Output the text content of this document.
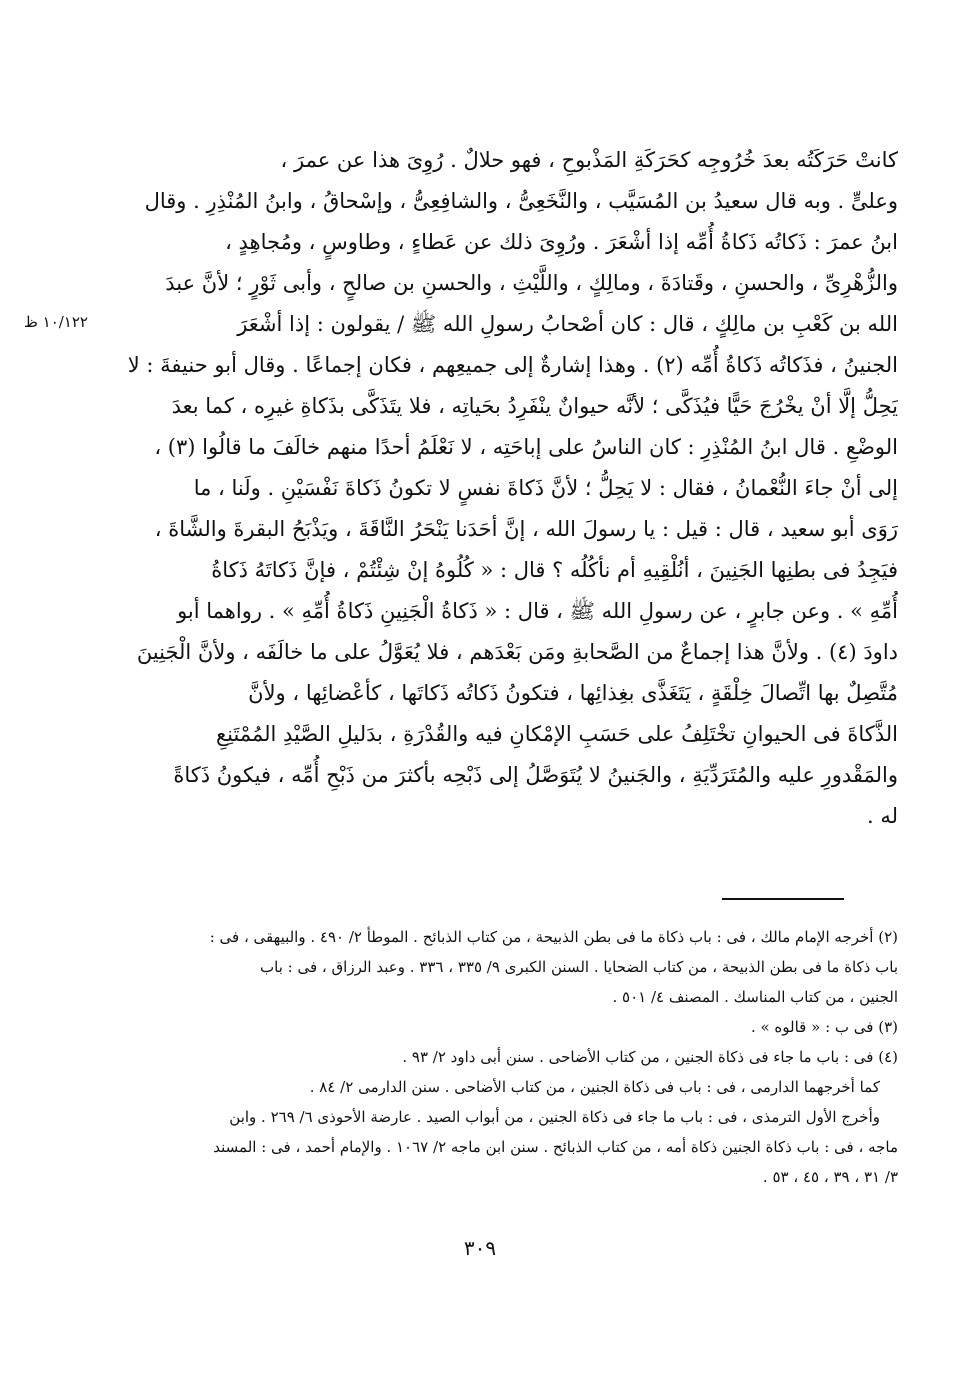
كانتْ حَرَكَتُه بعدَ خُرُوجِه كحَرَكَةِ المَذْبوحِ ، فهو حلالٌ . رُوِىَ هذا عن عمرَ ،
وعلىٍّ . وبه قال سعيدُ بن المُسَيَّب ، والنَّخَعِىُّ ، والشافِعِىُّ ، وإسْحاقُ ، وابنُ المُنْذِرِ . وقال
ابنُ عمرَ : ذَكاتُه ذَكاةُ أُمِّه إذا أشْعَرَ . ورُوِىَ ذلك عن عَطاءٍ ، وطاوسٍ ، ومُجاهِدٍ ،
والزُّهْرِىِّ ، والحسنِ ، وقَتادَةَ ، ومالِكٍ ، واللَّيْثِ ، والحسنِ بن صالحٍ ، وأبى ثَوْرٍ ؛ لأنَّ عبدَ
الله بن كَعْبِ بن مالِكٍ ، قال : كان أصْحابُ رسولِ الله ﷺ / يقولون : إذا أشْعَرَ
الجنينُ ، فذَكاتُه ذَكاةُ أُمِّه (٢) . وهذا إشارةٌ إلى جميعِهم ، فكان إجماعًا . وقال أبو حنيفةَ : لا
يَحِلُّ إلَّا أنْ يخْرُجَ حَيًّا فيُذَكَّى ؛ لأنَّه حيوانٌ ينْفَرِدُ بحَياتِه ، فلا يتَذَكَّى بذَكاةِ غيرِه ، كما بعدَ
الوضْعِ . قال ابنُ المُنْذِرِ : كان الناسُ على إباحَتِه ، لا نَعْلَمُ أحدًا منهم خالَفَ ما قالُوا (٣) ،
إلى أنْ جاءَ النُّعْمانُ ، فقال : لا يَحِلُّ ؛ لأنَّ ذَكاةَ نفسٍ لا تكونُ ذَكاةَ نَفْسَيْنِ . ولَنا ، ما
رَوَى أبو سعيد ، قال : قيل : يا رسولَ الله ، إنَّ أحَدَنا يَنْحَرُ النَّاقَةَ ، ويَذْبَحُ البقرةَ والشَّاةَ ،
فيَجِدُ فى بطنِها الجَنِينَ ، أنُلْقِيهِ أم نأكُلُه ؟ قال : « كُلُوهُ إنْ شِئْتُمْ ، فإنَّ ذَكاتَهُ ذَكاةُ
أُمِّهِ » . وعن جابرٍ ، عن رسولِ الله ﷺ ، قال : « ذَكاةُ الْجَنِينِ ذَكاةُ أُمِّهِ » . رواهما أبو
داودَ (٤) . ولأنَّ هذا إجماعٌ من الصَّحابةِ ومَن بَعْدَهم ، فلا يُعَوَّلُ على ما خالَفَه ، ولأنَّ الْجَنِينَ
مُتَّصِلٌ بها اتِّصالَ خِلْقَةٍ ، يَتَغَذَّى بغِذائِها ، فتكونُ ذَكاتُه ذَكاتَها ، كأعْضائِها ، ولأنَّ
الذَّكاةَ فى الحيوانِ تخْتَلِفُ على حَسَبِ الإمْكانِ فيه والقُدْرَةِ ، بدَليلِ الصَّيْدِ المُمْتَنِعِ
والمَقْدورِ عليه والمُتَرَدِّيَةِ ، والجَنينُ لا يُتَوَصَّلُ إلى ذَبْحِه بأكثرَ من ذَبْحِ أُمِّه ، فيكونُ ذَكاةً
له .
١٠/١٢٢ ظ
(٢) أخرجه الإمام مالك ، فى : باب ذكاة ما فى بطن الذبيحة ، من كتاب الذبائح . الموطأ ٢/ ٤٩٠ . والبيهقى ، فى :
باب ذكاة ما فى بطن الذبيحة ، من كتاب الضحايا . السنن الكبرى ٩/ ٣٣٥ ، ٣٣٦ . وعبد الرزاق ، فى : باب
الجنين ، من كتاب المناسك . المصنف ٤/ ٥٠١ .
(٣) فى ب : « قالوه » .
(٤) فى : باب ما جاء فى ذكاة الجنين ، من كتاب الأضاحى . سنن أبى داود ٢/ ٩٣ .
كما أخرجهما الدارمى ، فى : باب فى ذكاة الجنين ، من كتاب الأضاحى . سنن الدارمى ٢/ ٨٤ .
وأخرج الأول الترمذى ، فى : باب ما جاء فى ذكاة الجنين ، من أبواب الصيد . عارضة الأحوذى ٦/ ٢٦٩ . وابن
ماجه ، فى : باب ذكاة الجنين ذكاة أمه ، من كتاب الذبائح . سنن ابن ماجه ٢/ ١٠٦٧ . والإمام أحمد ، فى : المسند
٣/ ٣١ ، ٣٩ ، ٤٥ ، ٥٣ .
٣٠٩
